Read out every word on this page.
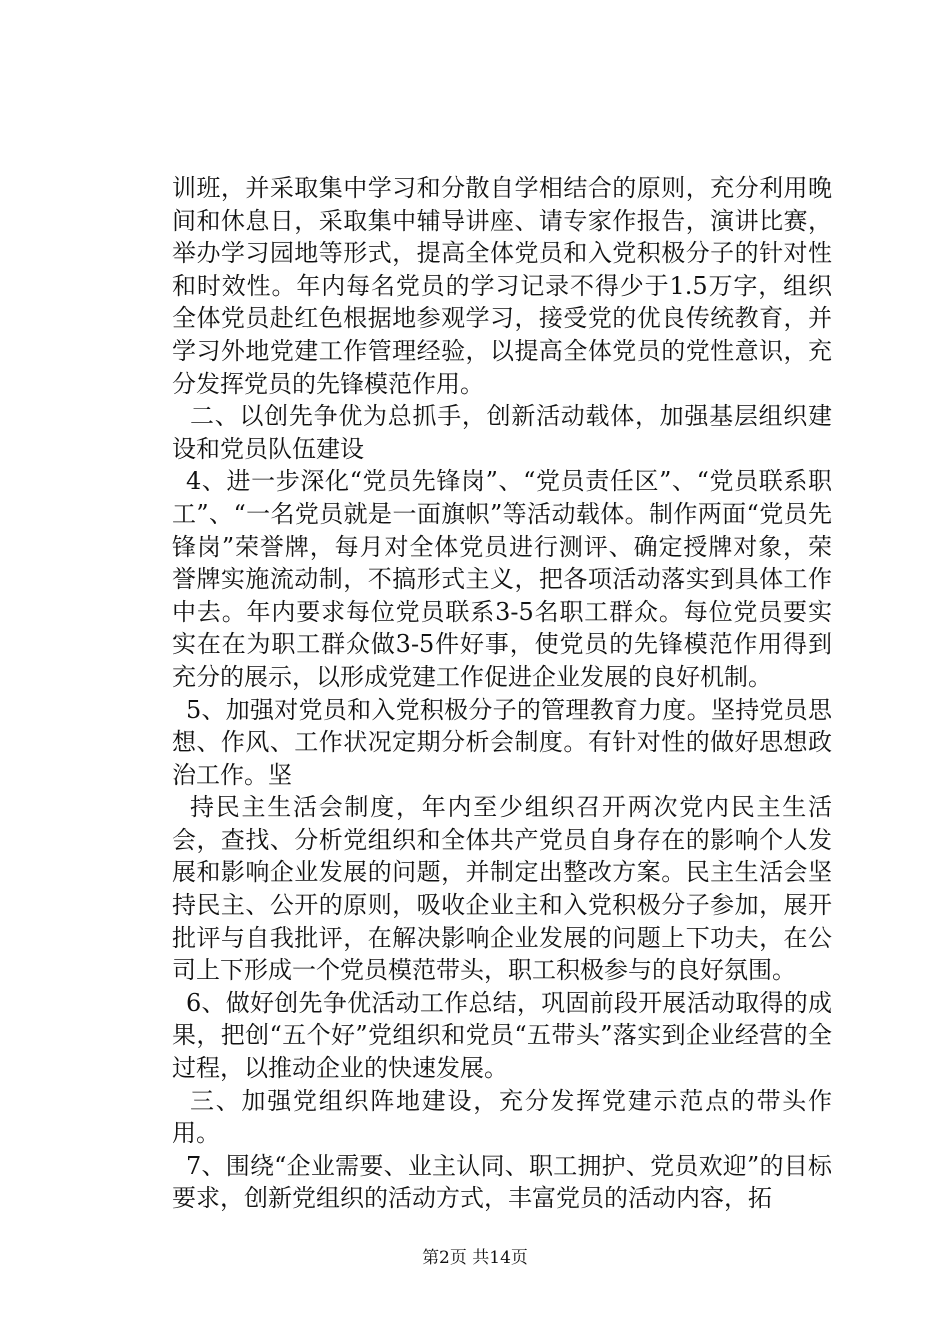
训班，并采取集中学习和分散自学相结合的原则，充分利用晚间和休息日，采取集中辅导讲座、请专家作报告，演讲比赛，举办学习园地等形式，提高全体党员和入党积极分子的针对性和时效性。年内每名党员的学习记录不得少于1.5万字，组织全体党员赴红色根据地参观学习，接受党的优良传统教育，并学习外地党建工作管理经验，以提高全体党员的党性意识，充分发挥党员的先锋模范作用。

二、以创先争优为总抓手，创新活动载体，加强基层组织建设和党员队伍建设

4、进一步深化“党员先锋岗”、“党员责任区”、“党员联系职工”、“一名党员就是一面旗帜”等活动载体。制作两面“党员先锋岗”荣誉牌，每月对全体党员进行测评、确定授牌对象，荣誉牌实施流动制，不搞形式主义，把各项活动落实到具体工作中去。年内要求每位党员联系3-5名职工群众。每位党员要实实在在为职工群众做3-5件好事，使党员的先锋模范作用得到充分的展示，以形成党建工作促进企业发展的良好机制。

5、加强对党员和入党积极分子的管理教育力度。坚持党员思想、作风、工作状况定期分析会制度。有针对性的做好思想政治工作。坚

持民主生活会制度，年内至少组织召开两次党内民主生活会，查找、分析党组织和全体共产党员自身存在的影响个人发展和影响企业发展的问题，并制定出整改方案。民主生活会坚持民主、公开的原则，吸收企业主和入党积极分子参加，展开批评与自我批评，在解决影响企业发展的问题上下功夫，在公司上下形成一个党员模范带头，职工积极参与的良好氛围。

6、做好创先争优活动工作总结，巩固前段开展活动取得的成果，把创“五个好”党组织和党员“五带头”落实到企业经营的全过程，以推动企业的快速发展。

三、加强党组织阵地建设，充分发挥党建示范点的带头作用。

7、围绕“企业需要、业主认同、职工拥护、党员欢迎”的目标要求，创新党组织的活动方式，丰富党员的活动内容，拓

第2页 共14页
